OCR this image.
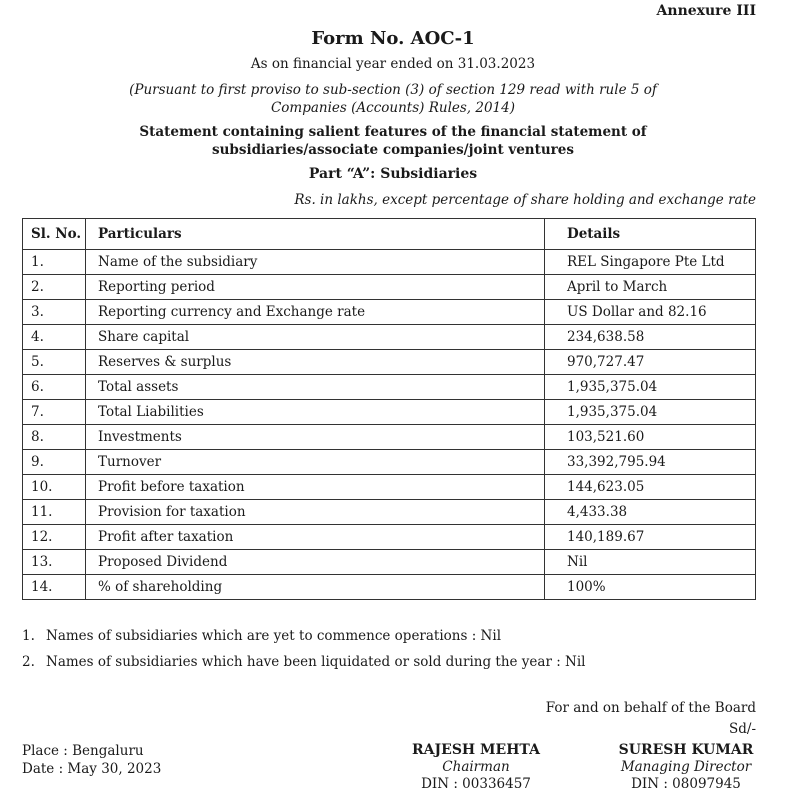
Annexure III
Form No. AOC-1
As on financial year ended on 31.03.2023
(Pursuant to first proviso to sub-section (3) of section 129 read with rule 5 of
Companies (Accounts) Rules, 2014)
Statement containing salient features of the financial statement of
subsidiaries/associate companies/joint ventures
Part “A”: Subsidiaries
Rs. in lakhs, except percentage of share holding and exchange rate
Sl. No.	Particulars	Details
1.	Name of the subsidiary	REL Singapore Pte Ltd
2.	Reporting period	April to March
3.	Reporting currency and Exchange rate	US Dollar and 82.16
4.	Share capital	234,638.58
5.	Reserves & surplus	970,727.47
6.	Total assets	1,935,375.04
7.	Total Liabilities	1,935,375.04
8.	Investments	103,521.60
9.	Turnover	33,392,795.94
10.	Profit before taxation	144,623.05
11.	Provision for taxation	4,433.38
12.	Profit after taxation	140,189.67
13.	Proposed Dividend	Nil
14.	% of shareholding	100%
1. Names of subsidiaries which are yet to commence operations : Nil
2. Names of subsidiaries which have been liquidated or sold during the year : Nil
For and on behalf of the Board
Sd/-
Place : Bengaluru
Date : May 30, 2023
RAJESH MEHTA
Chairman
DIN : 00336457
SURESH KUMAR
Managing Director
DIN : 08097945
